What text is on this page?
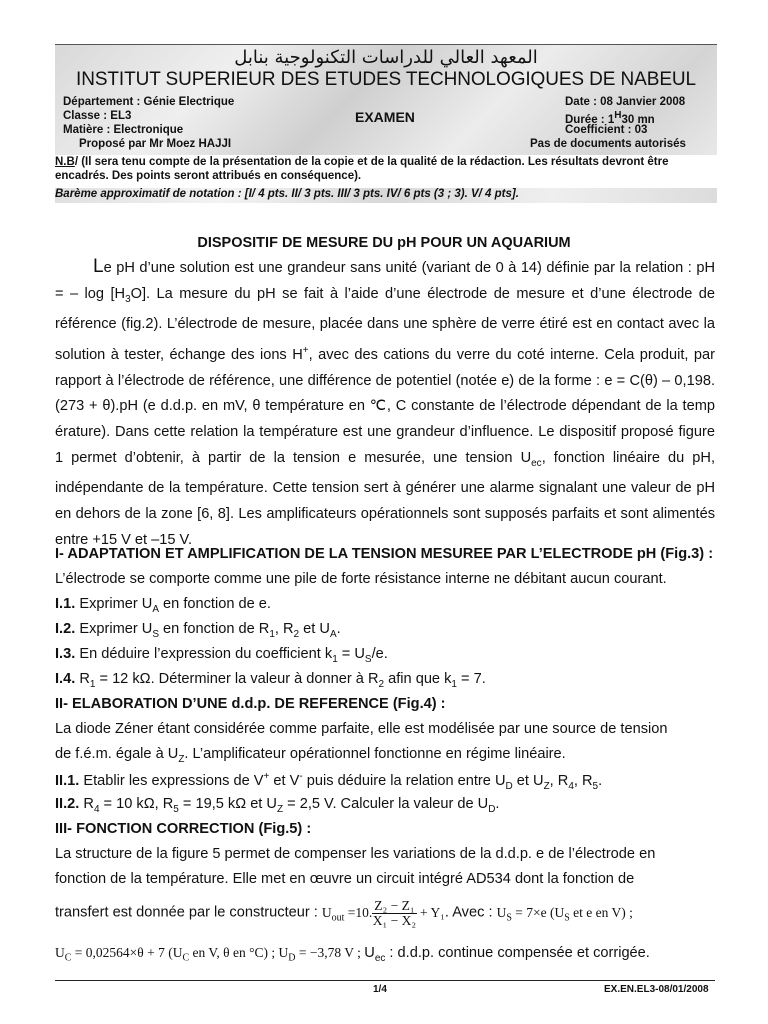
المعهد العالي للدراسات التكنولوجية بنابل
INSTITUT SUPERIEUR DES ETUDES TECHNOLOGIQUES DE NABEUL
Département : Génie Electrique
Classe : EL3
Matière : Electronique
Proposé par Mr Moez HAJJI
EXAMEN
Date : 08 Janvier 2008
Durée : $1^H30$ mn
Coefficient : 03
Pas de documents autorisés
N.B/ (Il sera tenu compte de la présentation de la copie et de la qualité de la rédaction. Les résultats devront être encadrés. Des points seront attribués en conséquence).
Barème approximatif de notation : [I/ 4 pts. II/ 3 pts. III/ 3 pts. IV/ 6 pts (3 ; 3). V/ 4 pts].
DISPOSITIF DE MESURE DU pH POUR UN AQUARIUM
Le pH d’une solution est une grandeur sans unité (variant de 0 à 14) définie par la relation : pH = – $\log [H_3O]$. La mesure du pH se fait à l’aide d’une électrode de mesure et d’une électrode de référence (fig.2). L’électrode de mesure, placée dans une sphère de verre étiré est en contact avec la solution à tester, échange des ions H+, avec des cations du verre du coté interne. Cela produit, par rapport à l’électrode de référence, une différence de potentiel (notée e) de la forme : e = C(θ) – 0,198.(273 + θ).pH (e d.d.p. en mV, θ température en ℃, C constante de l’électrode dépendant de la temp érature). Dans cette relation la température est une grandeur d’influence. Le dispositif proposé figure 1 permet d’obtenir, à partir de la tension e mesurée, une tension $U_{ec}$, fonction linéaire du pH, indépendante de la température. Cette tension sert à générer une alarme signalant une valeur de pH en dehors de la zone [6, 8]. Les amplificateurs opérationnels sont supposés parfaits et sont alimentés entre +15 V et –15 V.
I- ADAPTATION ET AMPLIFICATION DE LA TENSION MESUREE PAR L’ELECTRODE pH (Fig.3) :
L’électrode se comporte comme une pile de forte résistance interne ne débitant aucun courant.
I.1. Exprimer $U_A$ en fonction de e.
I.2. Exprimer $U_S$ en fonction de $R_1$, $R_2$ et $U_A$.
I.3. En déduire l’expression du coefficient $k_1 = U_S/e$.
I.4. $R_1 = 12$ kΩ. Déterminer la valeur à donner à $R_2$ afin que $k_1 = 7$.
II- ELABORATION D’UNE d.d.p. DE REFERENCE (Fig.4) :
La diode Zéner étant considérée comme parfaite, elle est modélisée par une source de tension
de f.é.m. égale à $U_Z$. L’amplificateur opérationnel fonctionne en régime linéaire.
II.1. Etablir les expressions de V+ et V- puis déduire la relation entre $U_D$ et $U_Z$, $R_4$, $R_5$.
II.2. $R_4 = 10$ kΩ, $R_5 = 19,5$ kΩ et $U_Z = 2,5$ V. Calculer la valeur de $U_D$.
III- FONCTION CORRECTION (Fig.5) :
La structure de la figure 5 permet de compenser les variations de la d.d.p. e de l’électrode en
fonction de la température. Elle met en œuvre un circuit intégré AD534 dont la fonction de
transfert est donnée par le constructeur : $U_{out} =10$. $\frac{\text{Z₂ − Z₁}}{\text{X₁ − X₂}} + Y_1$. Avec : $U_S = 7\times e$ ($U_S$ et e en V) ;
$U_C = 0,02564\times\theta + 7$ ($U_C$ en V, θ en °C) ; $U_D = -3,78$ V ; $U_{ec}$ : d.d.p. continue compensée et corrigée.
1/4	EX.EN.EL3-08/01/2008
